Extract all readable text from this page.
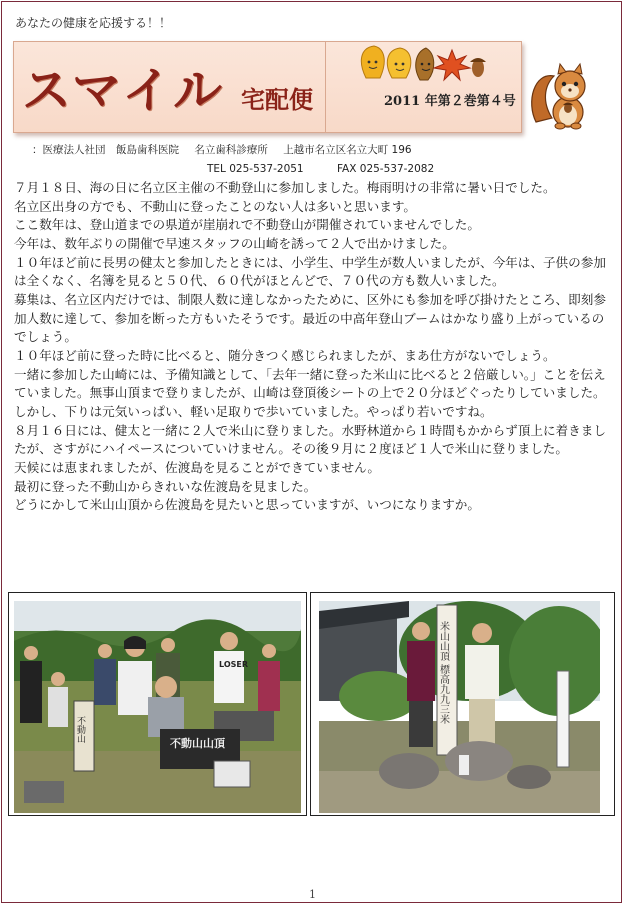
あなたの健康を応援する！！
スマイル 宅配便	2011 年第２巻第４号
：医療法人社団　飯島歯科医院 名立歯科診療所 上越市名立区名立大町 196
TEL 025-537-2051	FAX 025-537-2082

７月１８日、海の日に名立区主催の不動登山に参加しました。梅雨明けの非常に暑い日でした。

名立区出身の方でも、不動山に登ったことのない人は多いと思います。

ここ数年は、登山道までの県道が崖崩れで不動登山が開催されていませんでした。

今年は、数年ぶりの開催で早速スタッフの山崎を誘って２人で出かけました。

１０年ほど前に長男の健太と参加したときには、小学生、中学生が数人いましたが、今年は、子供の参加は全くなく、名簿を見ると５０代、６０代がほとんどで、７０代の方も数人いました。

募集は、名立区内だけでは、制限人数に達しなかったために、区外にも参加を呼び掛けたところ、即刻参加人数に達して、参加を断った方もいたそうです。最近の中高年登山ブームはかなり盛り上がっているのでしょう。

１０年ほど前に登った時に比べると、随分きつく感じられましたが、まあ仕方がないでしょう。

一緒に参加した山崎には、予備知識として、「去年一緒に登った米山に比べると２倍厳しい。」ことを伝えていました。無事山頂まで登りましたが、山崎は登頂後シートの上で２０分ほどぐったりしていました。しかし、下りは元気いっぱい、軽い足取りで歩いていました。やっぱり若いですね。

８月１６日には、健太と一緒に２人で米山に登りました。水野林道から１時間もかからず頂上に着きましたが、さすがにハイペースについていけません。その後９月に２度ほど１人で米山に登りました。

天候には恵まれましたが、佐渡島を見ることができていません。

最初に登った不動山からきれいな佐渡島を見ました。

どうにかして米山山頂から佐渡島を見たいと思っていますが、いつになりますか。

LOSER
不動山
不動山山頂
米山山頂 標高九九三米
1
